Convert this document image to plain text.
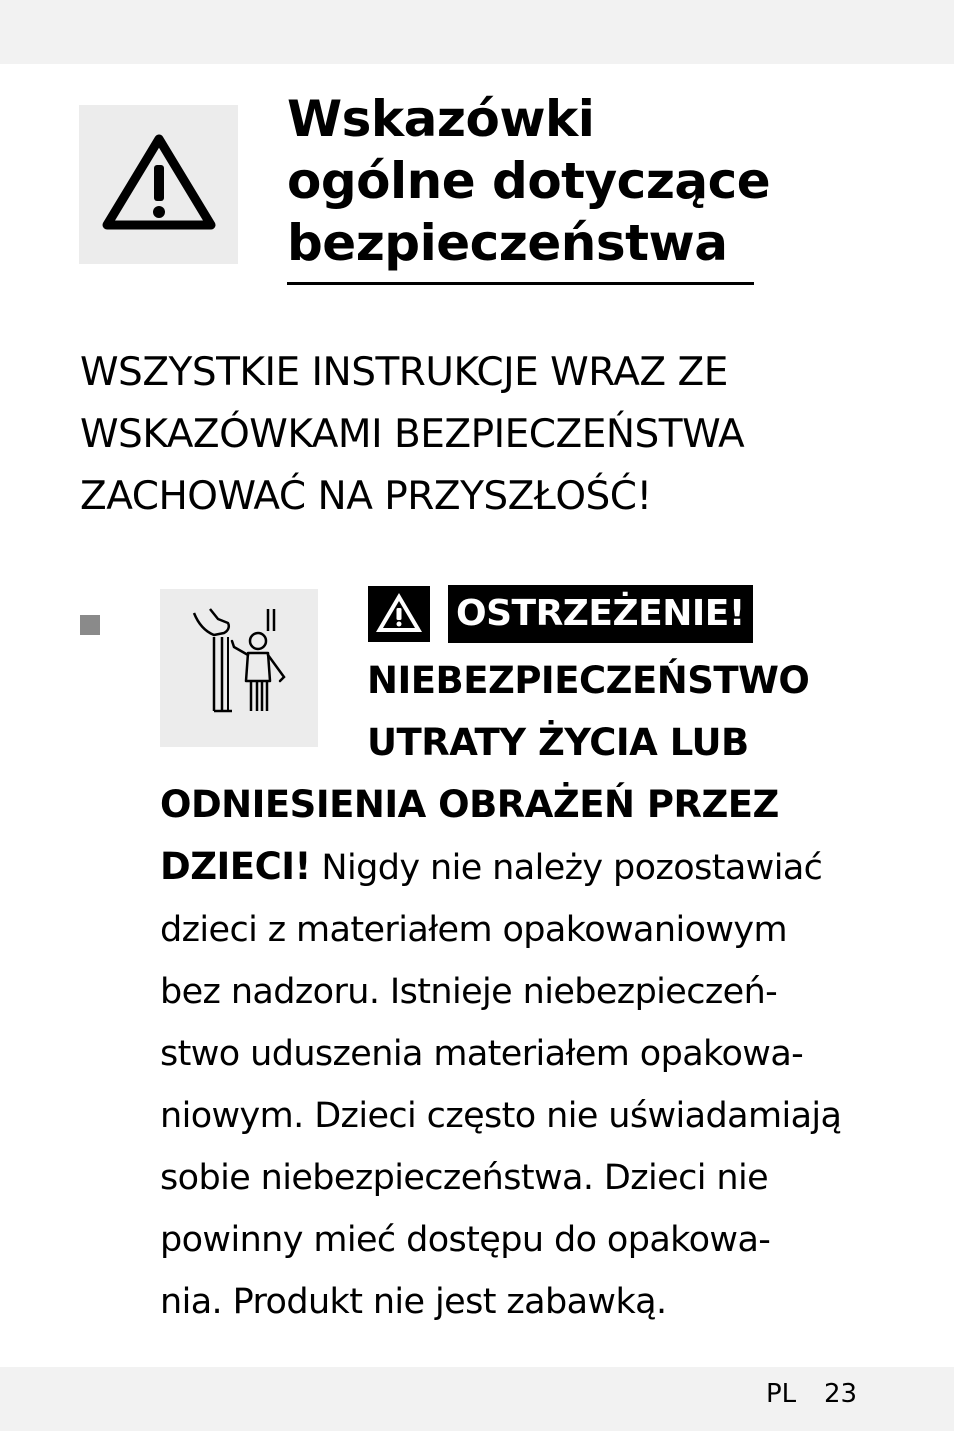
Wskazówki
ogólne dotyczące
bezpieczeństwa
WSZYSTKIE INSTRUKCJE WRAZ ZE
WSKAZÓWKAMI BEZPIECZEŃSTWA
ZACHOWAĆ NA PRZYSZŁOŚĆ!
OSTRZEŻENIE!
NIEBEZPIECZEŃSTWO
UTRATY ŻYCIA LUB
ODNIESIENIA OBRAŻEŃ PRZEZ
DZIECI! Nigdy nie należy pozostawiać
dzieci z materiałem opakowaniowym
bez nadzoru. Istnieje niebezpieczeń-
stwo uduszenia materiałem opakowa-
niowym. Dzieci często nie uświadamiają
sobie niebezpieczeństwa. Dzieci nie
powinny mieć dostępu do opakowa-
nia. Produkt nie jest zabawką.
PL 23
